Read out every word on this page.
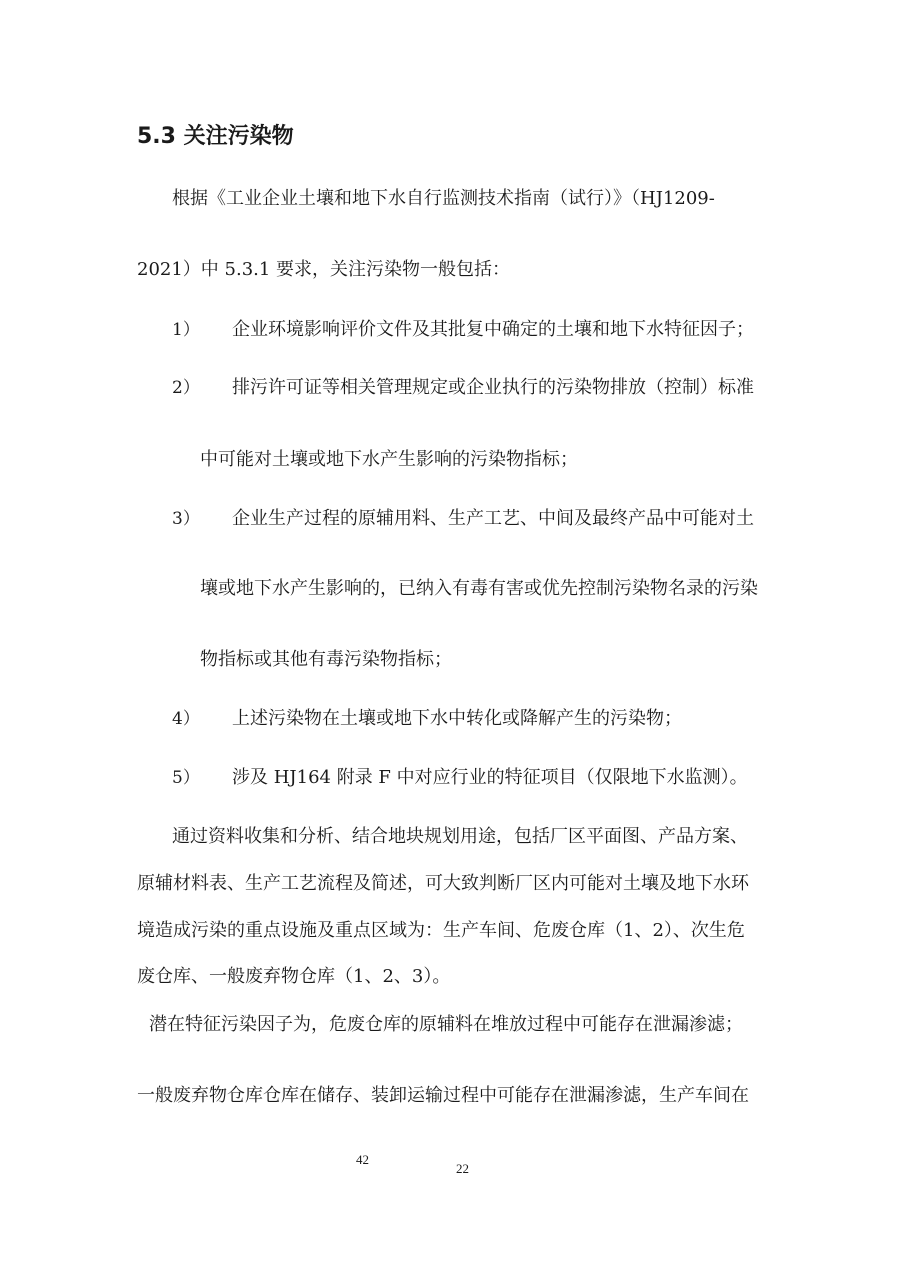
5.3 关注污染物
根据《工业企业土壤和地下水自行监测技术指南（试行）》（HJ1209-
2021）中 5.3.1 要求，关注污染物一般包括：
1） 企业环境影响评价文件及其批复中确定的土壤和地下水特征因子；
2） 排污许可证等相关管理规定或企业执行的污染物排放（控制）标准
中可能对土壤或地下水产生影响的污染物指标；
3） 企业生产过程的原辅用料、生产工艺、中间及最终产品中可能对土
壤或地下水产生影响的，已纳入有毒有害或优先控制污染物名录的污染
物指标或其他有毒污染物指标；
4） 上述污染物在土壤或地下水中转化或降解产生的污染物；
5） 涉及 HJ164 附录 F 中对应行业的特征项目（仅限地下水监测）。
通过资料收集和分析、结合地块规划用途，包括厂区平面图、产品方案、
原辅材料表、生产工艺流程及简述，可大致判断厂区内可能对土壤及地下水环
境造成污染的重点设施及重点区域为：生产车间、危废仓库（1、2）、次生危
废仓库、一般废弃物仓库（1、2、3）。
潜在特征污染因子为，危废仓库的原辅料在堆放过程中可能存在泄漏渗滤；
一般废弃物仓库仓库在储存、装卸运输过程中可能存在泄漏渗滤，生产车间在
42
22
